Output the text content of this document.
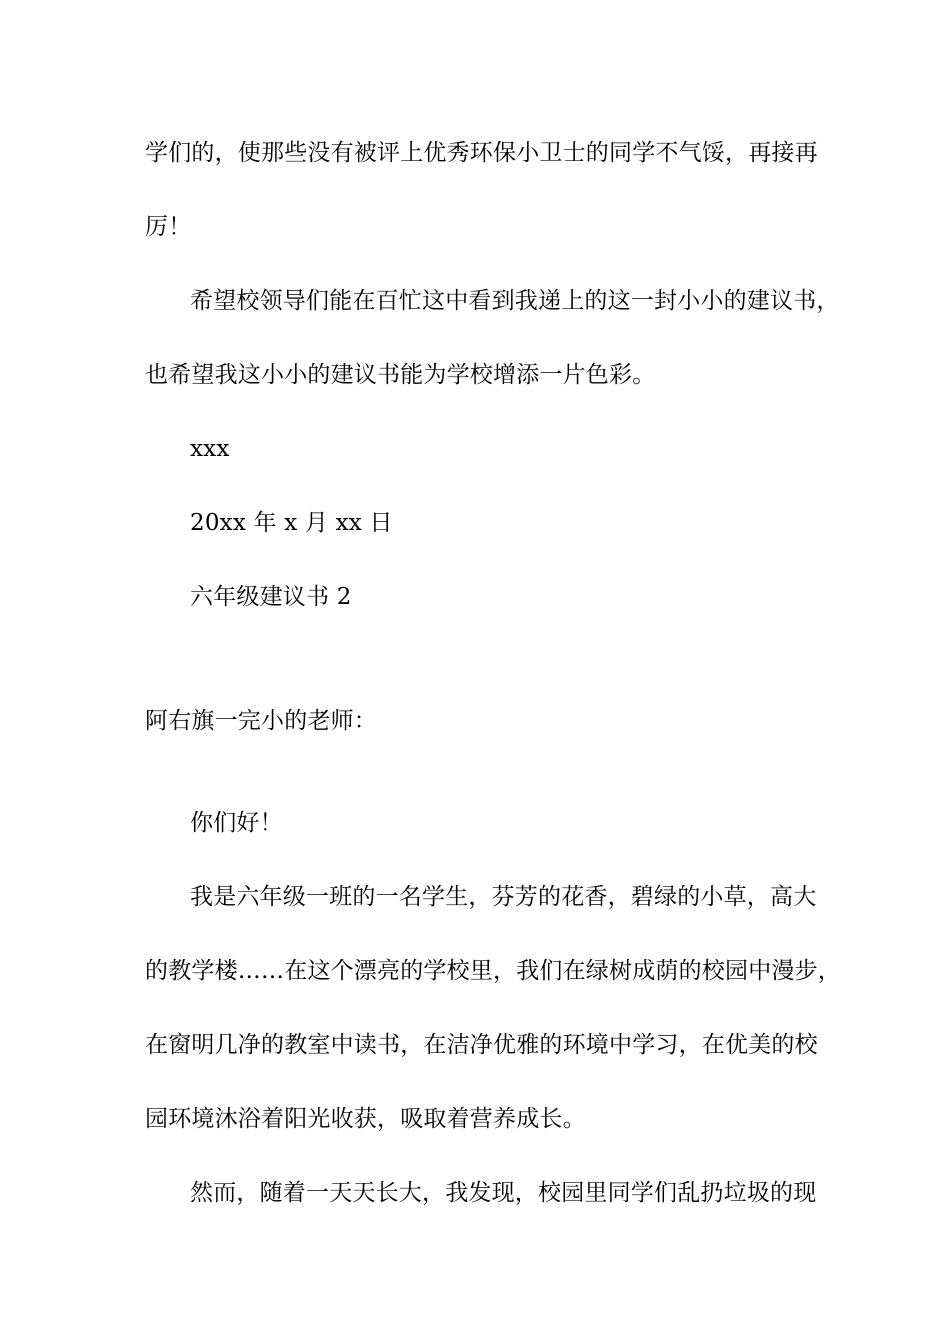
学们的，使那些没有被评上优秀环保小卫士的同学不气馁，再接再
厉！
希望校领导们能在百忙这中看到我递上的这一封小小的建议书，
也希望我这小小的建议书能为学校增添一片色彩。
xxx
20xx 年 x 月 xx 日
六年级建议书 2
阿右旗一完小的老师：
你们好！
我是六年级一班的一名学生，芬芳的花香，碧绿的小草，高大
的教学楼……在这个漂亮的学校里，我们在绿树成荫的校园中漫步，
在窗明几净的教室中读书，在洁净优雅的环境中学习，在优美的校
园环境沐浴着阳光收获，吸取着营养成长。
然而，随着一天天长大，我发现，校园里同学们乱扔垃圾的现
